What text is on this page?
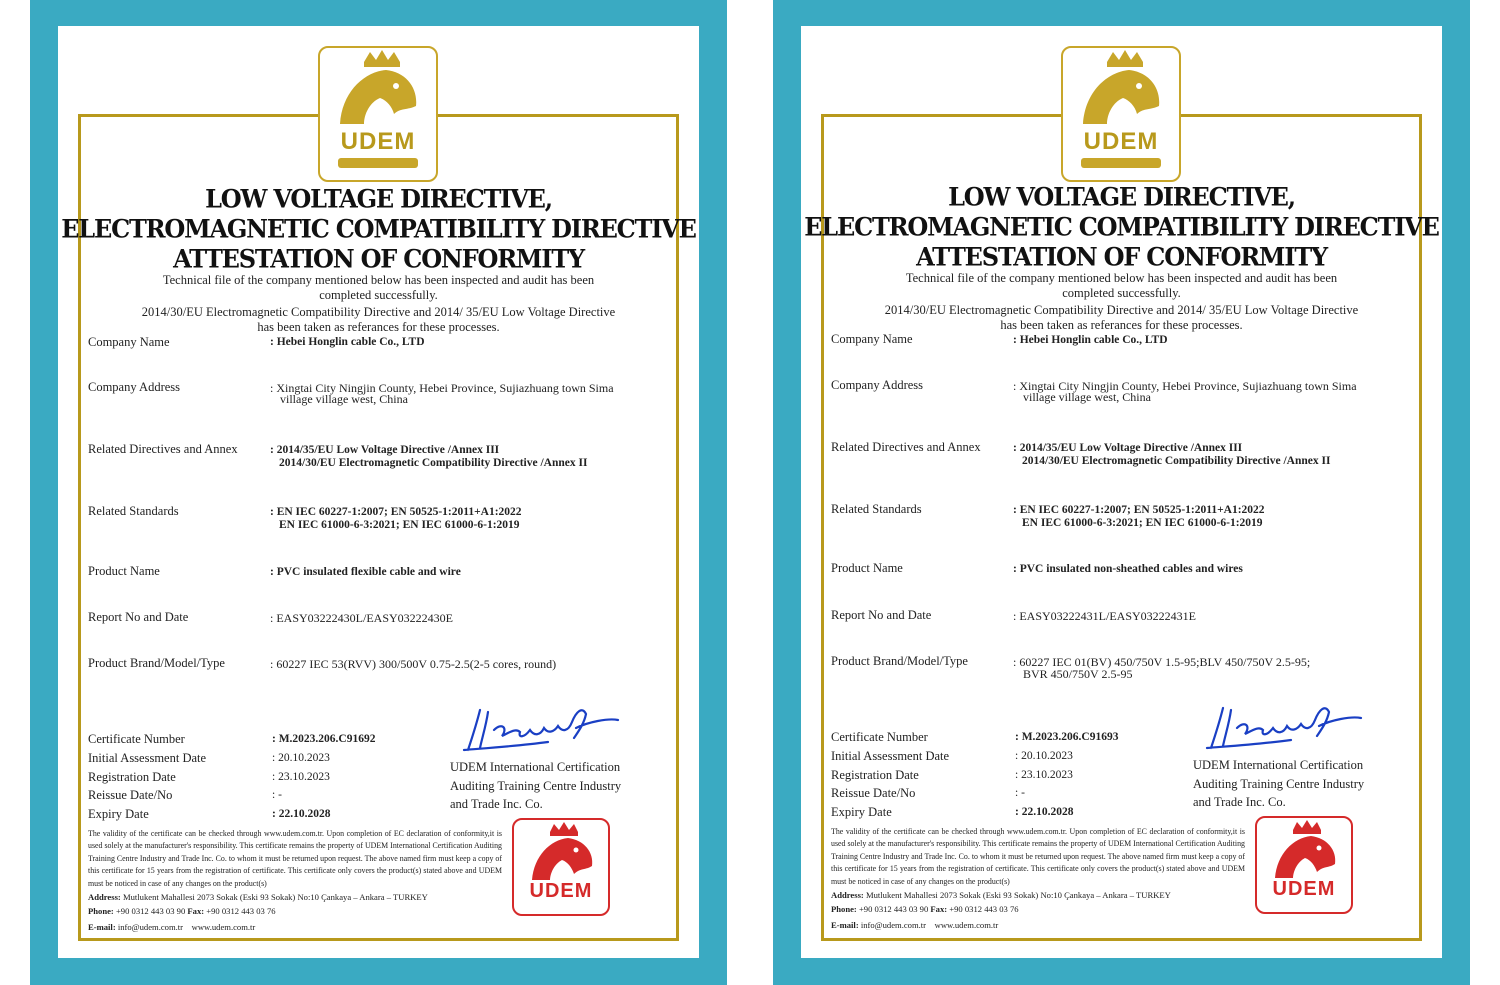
UDEM
LOW VOLTAGE DIRECTIVE,
ELECTROMAGNETIC COMPATIBILITY DIRECTIVE
ATTESTATION OF CONFORMITY
Technical file of the company mentioned below has been inspected and audit has been
completed successfully.
2014/30/EU Electromagnetic Compatibility Directive and 2014/ 35/EU Low Voltage Directive
has been taken as referances for these processes.
Company Name	: Hebei Honglin cable Co., LTD
Company Address	: Xingtai City Ningjin County, Hebei Province, Sujiazhuang town Sima
village village west, China
Related Directives and Annex	: 2014/35/EU Low Voltage Directive /Annex III
2014/30/EU Electromagnetic Compatibility Directive /Annex II
Related Standards	: EN IEC 60227-1:2007; EN 50525-1:2011+A1:2022
EN IEC 61000-6-3:2021; EN IEC 61000-6-1:2019
Product Name	: PVC insulated flexible cable and wire
Report No and Date	: EASY03222430L/EASY03222430E
Product Brand/Model/Type	: 60227 IEC 53(RVV) 300/500V 0.75-2.5(2-5 cores, round)
Certificate Number	: M.2023.206.C91692
Initial Assessment Date	: 20.10.2023
Registration Date	: 23.10.2023
Reissue Date/No	: -
Expiry Date	: 22.10.2028
UDEM International Certification
Auditing Training Centre Industry
and Trade Inc. Co.
The validity of the certificate can be checked through www.udem.com.tr. Upon completion of EC declaration of conformity,it is used solely at the manufacturer's responsibility. This certificate remains the property of UDEM International Certification Auditing Training Centre Industry and Trade Inc. Co. to whom it must be returned upon request. The above named firm must keep a copy of this certificate for 15 years from the registration of certificate. This certificate only covers the product(s) stated above and UDEM must be noticed in case of any changes on the product(s)
Address: Mutlukent Mahallesi 2073 Sokak (Eski 93 Sokak) No:10 Çankaya – Ankara – TURKEY
Phone: +90 0312 443 03 90 Fax: +90 0312 443 03 76
E-mail: info@udem.com.tr www.udem.com.tr
UDEM
UDEM
LOW VOLTAGE DIRECTIVE,
ELECTROMAGNETIC COMPATIBILITY DIRECTIVE
ATTESTATION OF CONFORMITY
Technical file of the company mentioned below has been inspected and audit has been
completed successfully.
2014/30/EU Electromagnetic Compatibility Directive and 2014/ 35/EU Low Voltage Directive
has been taken as referances for these processes.
Company Name	: Hebei Honglin cable Co., LTD
Company Address	: Xingtai City Ningjin County, Hebei Province, Sujiazhuang town Sima
village village west, China
Related Directives and Annex	: 2014/35/EU Low Voltage Directive /Annex III
2014/30/EU Electromagnetic Compatibility Directive /Annex II
Related Standards	: EN IEC 60227-1:2007; EN 50525-1:2011+A1:2022
EN IEC 61000-6-3:2021; EN IEC 61000-6-1:2019
Product Name	: PVC insulated non-sheathed cables and wires
Report No and Date	: EASY03222431L/EASY03222431E
Product Brand/Model/Type	: 60227 IEC 01(BV) 450/750V 1.5-95;BLV 450/750V 2.5-95;
BVR 450/750V 2.5-95
Certificate Number	: M.2023.206.C91693
Initial Assessment Date	: 20.10.2023
Registration Date	: 23.10.2023
Reissue Date/No	: -
Expiry Date	: 22.10.2028
UDEM International Certification
Auditing Training Centre Industry
and Trade Inc. Co.
The validity of the certificate can be checked through www.udem.com.tr. Upon completion of EC declaration of conformity,it is used solely at the manufacturer's responsibility. This certificate remains the property of UDEM International Certification Auditing Training Centre Industry and Trade Inc. Co. to whom it must be returned upon request. The above named firm must keep a copy of this certificate for 15 years from the registration of certificate. This certificate only covers the product(s) stated above and UDEM must be noticed in case of any changes on the product(s)
Address: Mutlukent Mahallesi 2073 Sokak (Eski 93 Sokak) No:10 Çankaya – Ankara – TURKEY
Phone: +90 0312 443 03 90 Fax: +90 0312 443 03 76
E-mail: info@udem.com.tr www.udem.com.tr
UDEM
